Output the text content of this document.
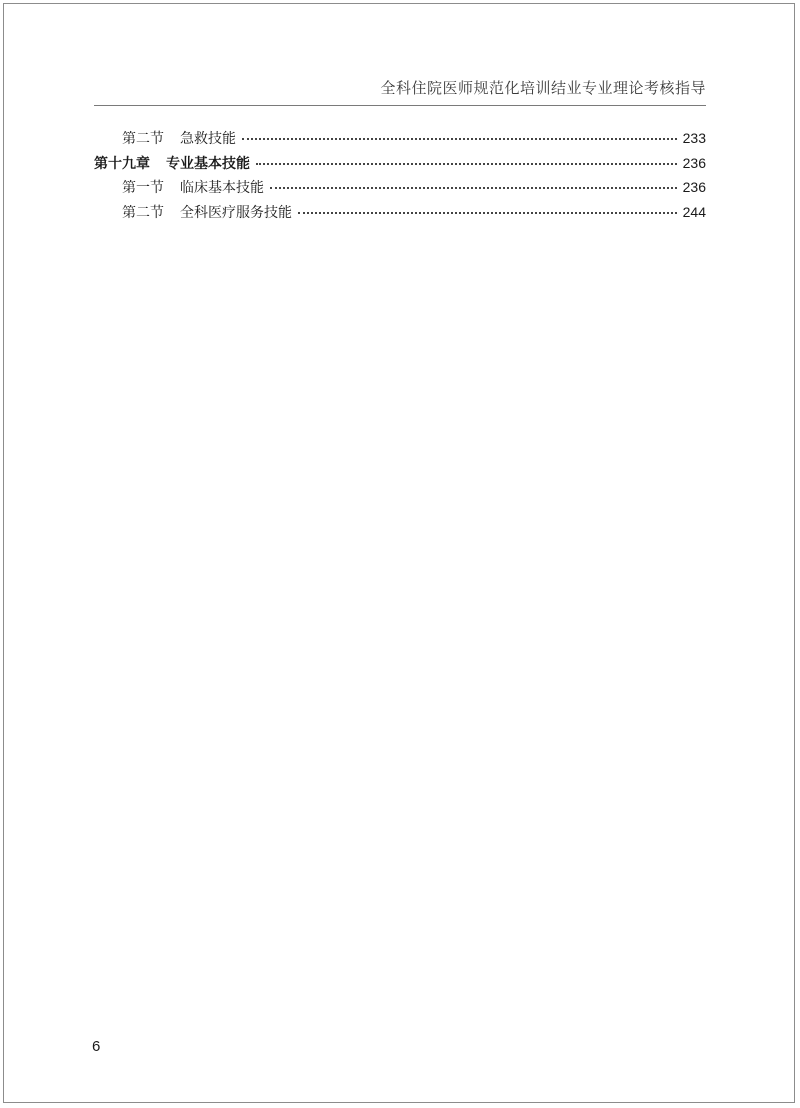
全科住院医师规范化培训结业专业理论考核指导
第二节 急救技能	233
第十九章 专业基本技能	236
第一节 临床基本技能	236
第二节 全科医疗服务技能	244
6
